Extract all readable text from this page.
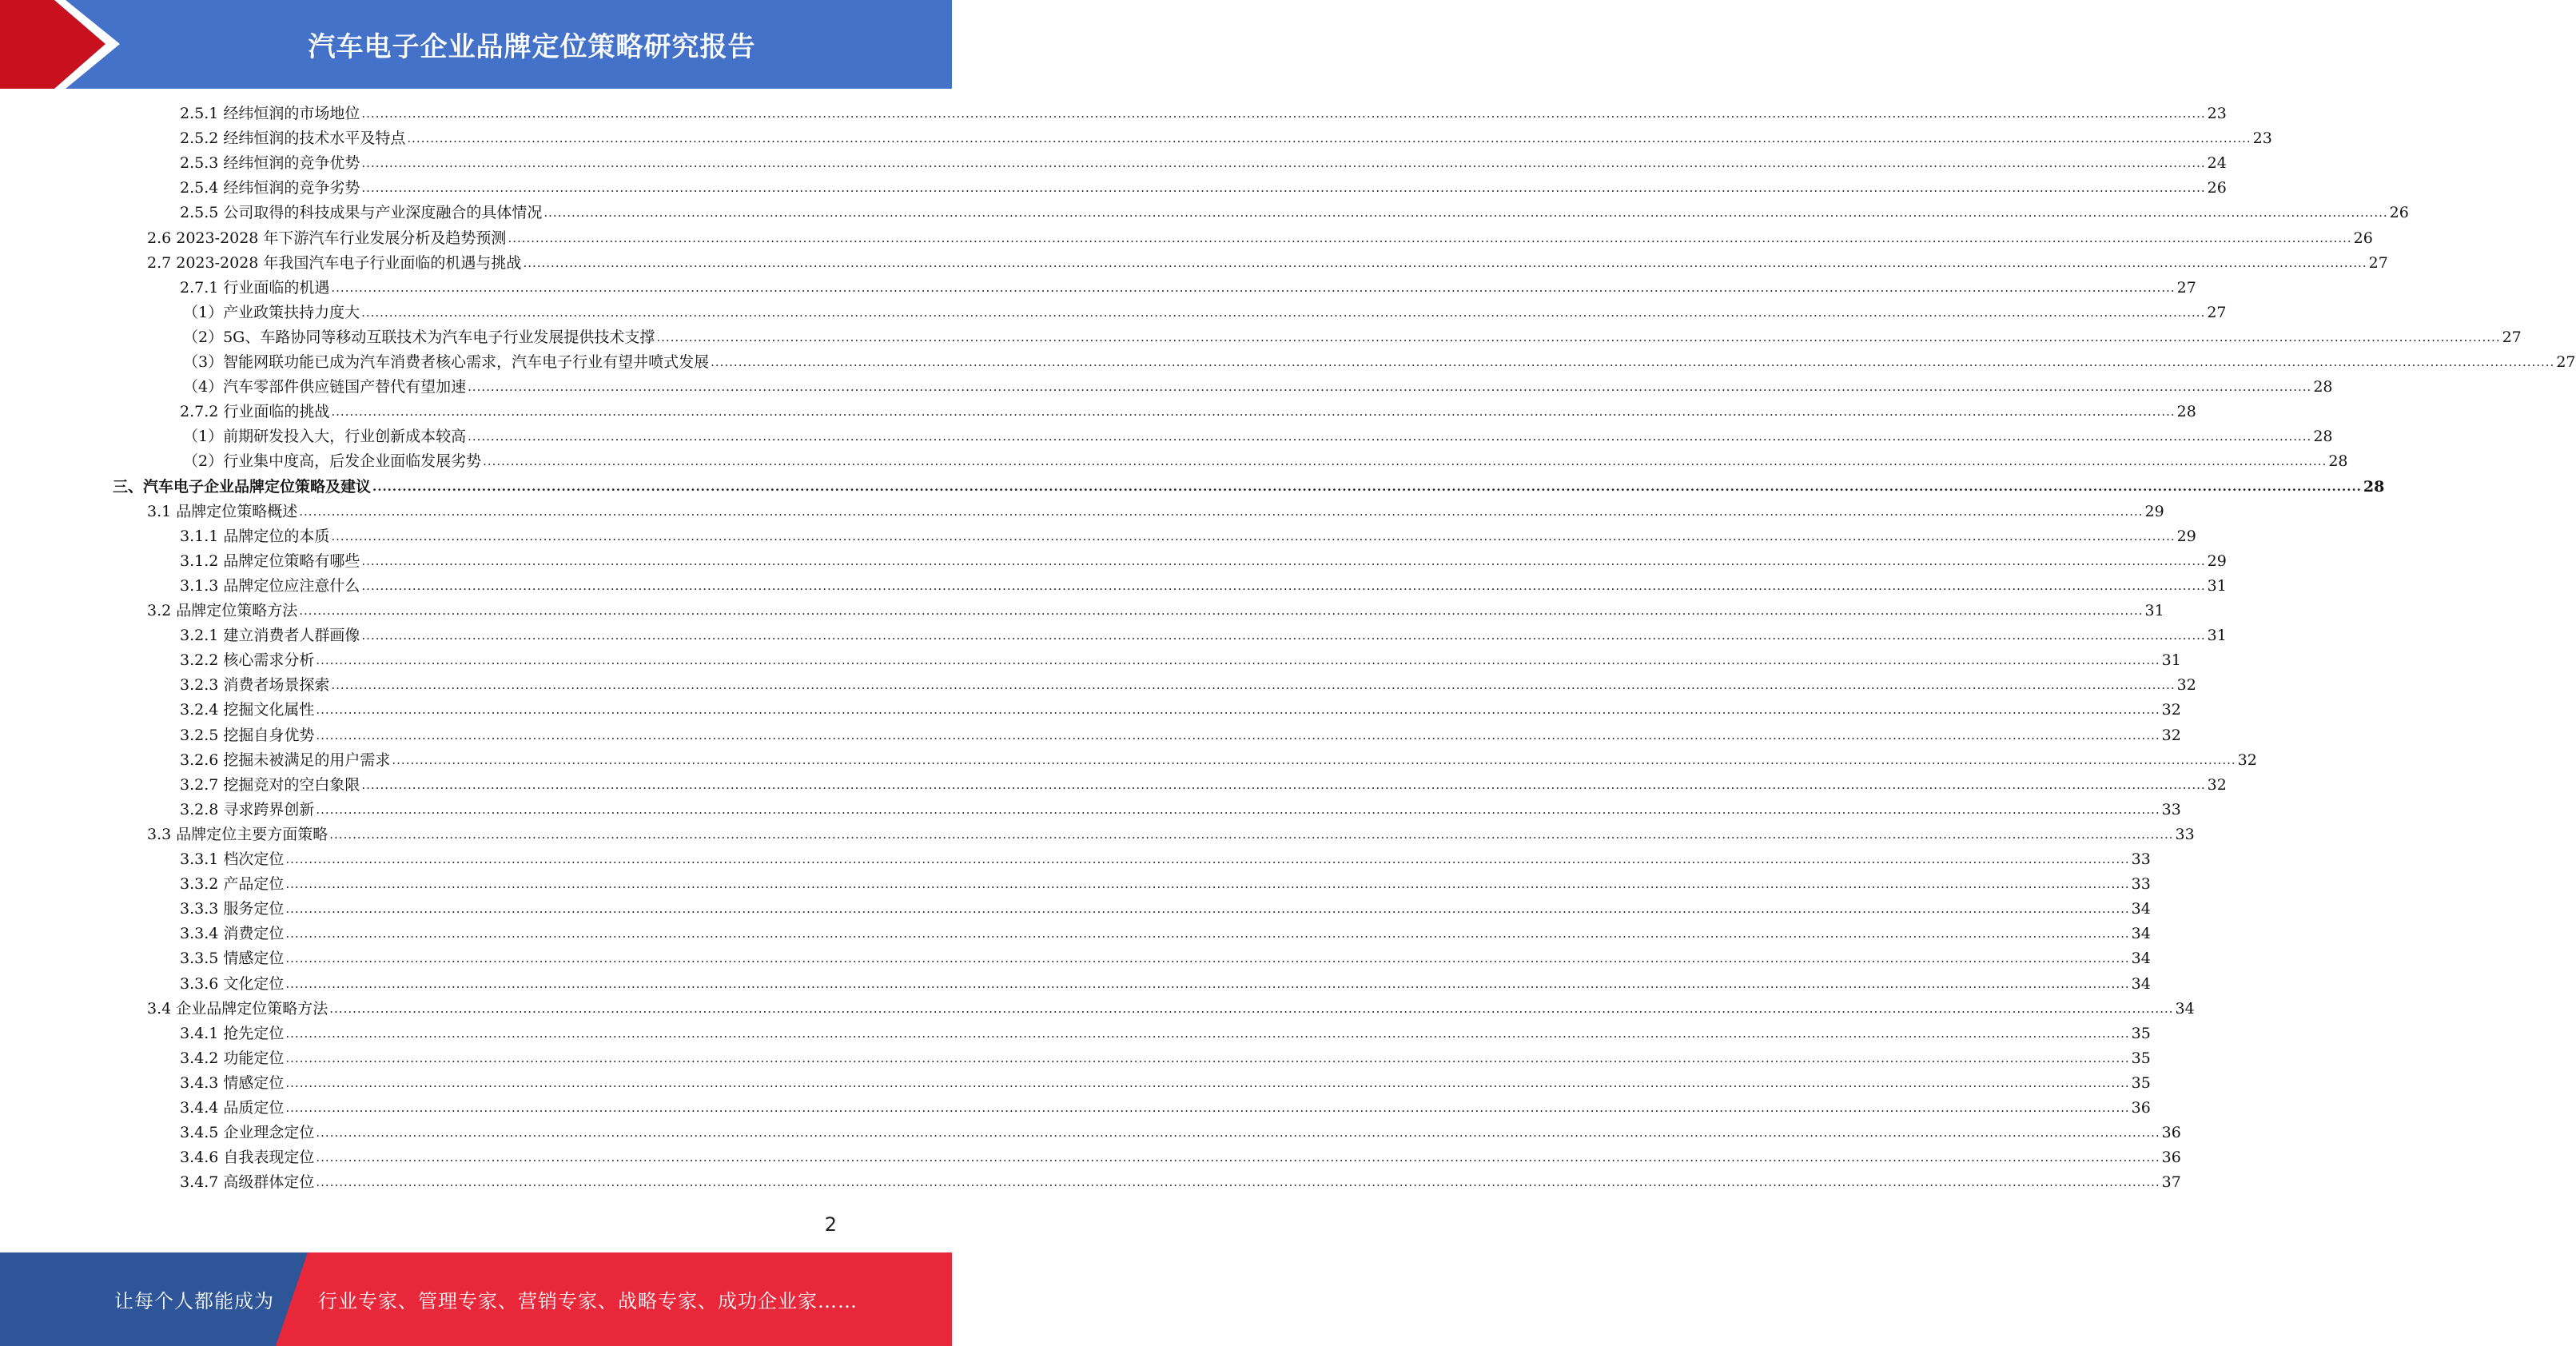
汽车电子企业品牌定位策略研究报告
2.5.1 经纬恒润的市场地位 ................................................................................................................................................................................................................................................................................................................................................................................................................ 23
2.5.2 经纬恒润的技术水平及特点 ................................................................................................................................................................................................................................................................................................................................................................................................................ 23
2.5.3 经纬恒润的竞争优势 ................................................................................................................................................................................................................................................................................................................................................................................................................ 24
2.5.4 经纬恒润的竞争劣势 ................................................................................................................................................................................................................................................................................................................................................................................................................ 26
2.5.5 公司取得的科技成果与产业深度融合的具体情况 ................................................................................................................................................................................................................................................................................................................................................................................................................ 26
2.6 2023-2028 年下游汽车行业发展分析及趋势预测 ................................................................................................................................................................................................................................................................................................................................................................................................................ 26
2.7 2023-2028 年我国汽车电子行业面临的机遇与挑战 ................................................................................................................................................................................................................................................................................................................................................................................................................ 27
2.7.1 行业面临的机遇 ................................................................................................................................................................................................................................................................................................................................................................................................................ 27
（1）产业政策扶持力度大 ................................................................................................................................................................................................................................................................................................................................................................................................................ 27
（2）5G、车路协同等移动互联技术为汽车电子行业发展提供技术支撑 ................................................................................................................................................................................................................................................................................................................................................................................................................ 27
（3）智能网联功能已成为汽车消费者核心需求，汽车电子行业有望井喷式发展 ................................................................................................................................................................................................................................................................................................................................................................................................................ 27
（4）汽车零部件供应链国产替代有望加速 ................................................................................................................................................................................................................................................................................................................................................................................................................ 28
2.7.2 行业面临的挑战 ................................................................................................................................................................................................................................................................................................................................................................................................................ 28
（1）前期研发投入大，行业创新成本较高 ................................................................................................................................................................................................................................................................................................................................................................................................................ 28
（2）行业集中度高，后发企业面临发展劣势 ................................................................................................................................................................................................................................................................................................................................................................................................................ 28
三、汽车电子企业品牌定位策略及建议 ................................................................................................................................................................................................................................................................................................................................................................................................................ 28
3.1 品牌定位策略概述 ................................................................................................................................................................................................................................................................................................................................................................................................................ 29
3.1.1 品牌定位的本质 ................................................................................................................................................................................................................................................................................................................................................................................................................ 29
3.1.2 品牌定位策略有哪些 ................................................................................................................................................................................................................................................................................................................................................................................................................ 29
3.1.3 品牌定位应注意什么 ................................................................................................................................................................................................................................................................................................................................................................................................................ 31
3.2 品牌定位策略方法 ................................................................................................................................................................................................................................................................................................................................................................................................................ 31
3.2.1 建立消费者人群画像 ................................................................................................................................................................................................................................................................................................................................................................................................................ 31
3.2.2 核心需求分析 ................................................................................................................................................................................................................................................................................................................................................................................................................ 31
3.2.3 消费者场景探索 ................................................................................................................................................................................................................................................................................................................................................................................................................ 32
3.2.4 挖掘文化属性 ................................................................................................................................................................................................................................................................................................................................................................................................................ 32
3.2.5 挖掘自身优势 ................................................................................................................................................................................................................................................................................................................................................................................................................ 32
3.2.6 挖掘未被满足的用户需求 ................................................................................................................................................................................................................................................................................................................................................................................................................ 32
3.2.7 挖掘竞对的空白象限 ................................................................................................................................................................................................................................................................................................................................................................................................................ 32
3.2.8 寻求跨界创新 ................................................................................................................................................................................................................................................................................................................................................................................................................ 33
3.3 品牌定位主要方面策略 ................................................................................................................................................................................................................................................................................................................................................................................................................ 33
3.3.1 档次定位 ................................................................................................................................................................................................................................................................................................................................................................................................................ 33
3.3.2 产品定位 ................................................................................................................................................................................................................................................................................................................................................................................................................ 33
3.3.3 服务定位 ................................................................................................................................................................................................................................................................................................................................................................................................................ 34
3.3.4 消费定位 ................................................................................................................................................................................................................................................................................................................................................................................................................ 34
3.3.5 情感定位 ................................................................................................................................................................................................................................................................................................................................................................................................................ 34
3.3.6 文化定位 ................................................................................................................................................................................................................................................................................................................................................................................................................ 34
3.4 企业品牌定位策略方法 ................................................................................................................................................................................................................................................................................................................................................................................................................ 34
3.4.1 抢先定位 ................................................................................................................................................................................................................................................................................................................................................................................................................ 35
3.4.2 功能定位 ................................................................................................................................................................................................................................................................................................................................................................................................................ 35
3.4.3 情感定位 ................................................................................................................................................................................................................................................................................................................................................................................................................ 35
3.4.4 品质定位 ................................................................................................................................................................................................................................................................................................................................................................................................................ 36
3.4.5 企业理念定位 ................................................................................................................................................................................................................................................................................................................................................................................................................ 36
3.4.6 自我表现定位 ................................................................................................................................................................................................................................................................................................................................................................................................................ 36
3.4.7 高级群体定位 ................................................................................................................................................................................................................................................................................................................................................................................................................ 37
2
让每个人都能成为 行业专家、管理专家、营销专家、战略专家、成功企业家……
